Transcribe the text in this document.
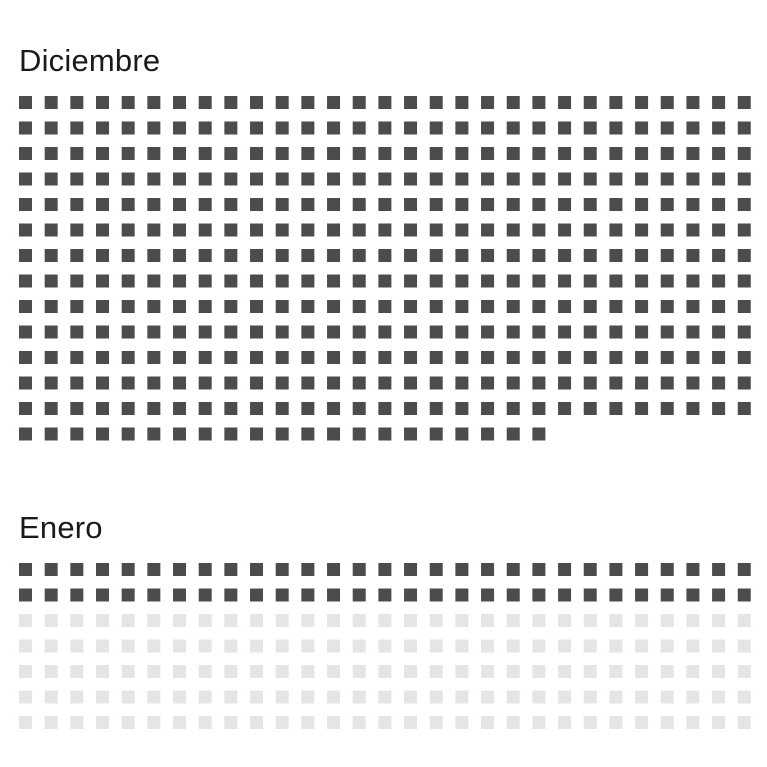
Diciembre
Enero
